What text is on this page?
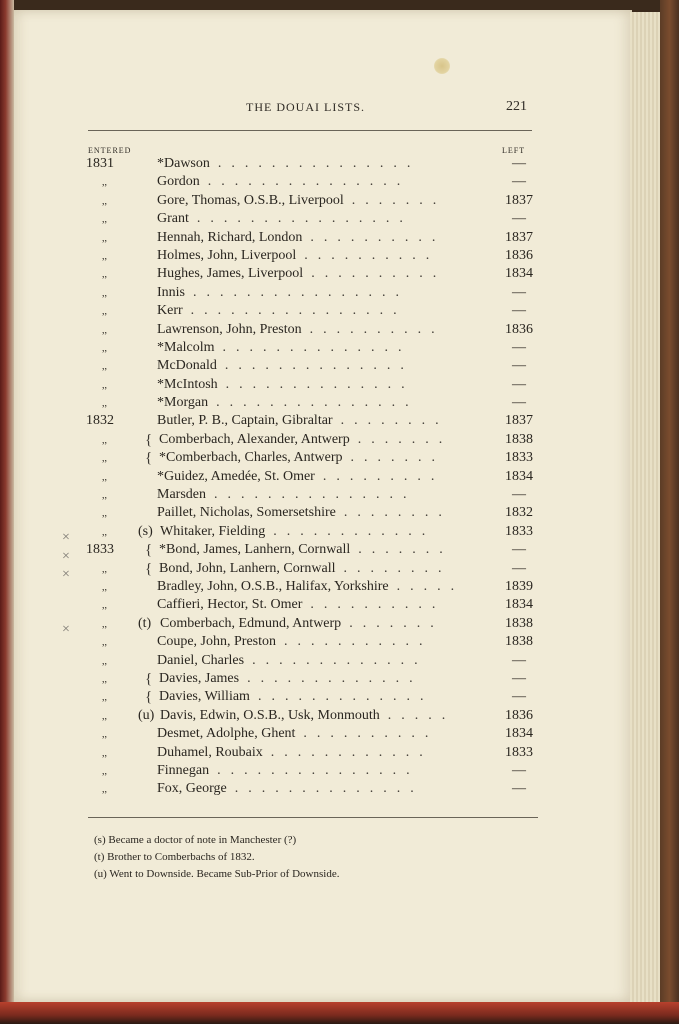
THE DOUAI LISTS.	221
ENTERED	LEFT
1831	*Dawson ...............	—
,,	Gordon ...............	—
,,	Gore, Thomas, O.S.B., Liverpool .......	1837
,,	Grant ................	—
,,	Hennah, Richard, London ..........	1837
,,	Holmes, John, Liverpool ..........	1836
,,	Hughes, James, Liverpool ..........	1834
,,	Innis ................	—
,,	Kerr ................	—
,,	Lawrenson, John, Preston ..........	1836
,,	*Malcolm ..............	—
,,	McDonald ..............	—
,,	*McIntosh ..............	—
,,	*Morgan ...............	—
1832	Butler, P. B., Captain, Gibraltar ........	1837
,,	{ Comberbach, Alexander, Antwerp .......	1838
,,	{ *Comberbach, Charles, Antwerp .......	1833
,,	*Guidez, Amedée, St. Omer .........	1834
,,	Marsden ...............	—
,,	Paillet, Nicholas, Somersetshire ........	1832
,, (s) Whitaker, Fielding ............	1833
1833 { *Bond, James, Lanhern, Cornwall .......	—
,,	{ Bond, John, Lanhern, Cornwall ........	—
,,	Bradley, John, O.S.B., Halifax, Yorkshire .....	1839
,,	Caffieri, Hector, St. Omer ..........	1834
,, (t) Comberbach, Edmund, Antwerp .......	1838
,,	Coupe, John, Preston ...........	1838
,,	Daniel, Charles .............	—
,,	{ Davies, James .............	—
,,	{ Davies, William .............	—
,, (u) Davis, Edwin, O.S.B., Usk, Monmouth .....	1836
,,	Desmet, Adolphe, Ghent ..........	1834
,,	Duhamel, Roubaix ............	1833
,,	Finnegan ...............	—
,,	Fox, George ..............	—
×
×
×
×
(s) Became a doctor of note in Manchester (?)
(t) Brother to Comberbachs of 1832.
(u) Went to Downside. Became Sub-Prior of Downside.
